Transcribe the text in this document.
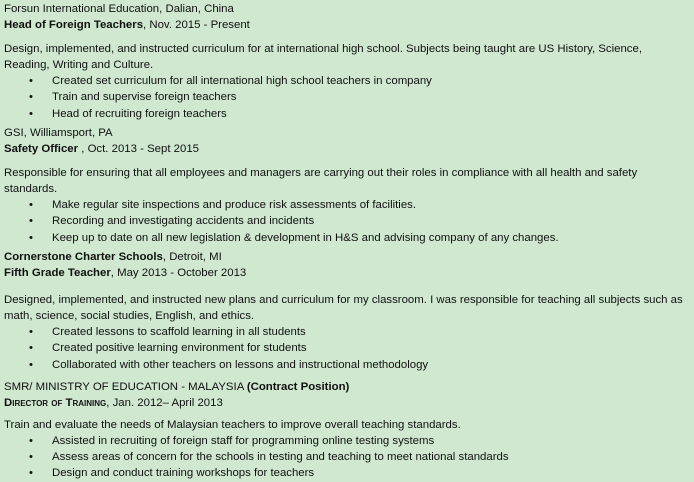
Forsun International Education, Dalian, China
Head of Foreign Teachers, Nov. 2015 - Present
Design, implemented, and instructed curriculum for at international high school. Subjects being taught are US History, Science, Reading, Writing and Culture.
• Created set curriculum for all international high school teachers in company
• Train and supervise foreign teachers
• Head of recruiting foreign teachers
GSI, Williamsport, PA
Safety Officer , Oct. 2013 - Sept 2015
Responsible for ensuring that all employees and managers are carrying out their roles in compliance with all health and safety standards.
• Make regular site inspections and produce risk assessments of facilities.
• Recording and investigating accidents and incidents
• Keep up to date on all new legislation & development in H&S and advising company of any changes.
Cornerstone Charter Schools, Detroit, MI
Fifth Grade Teacher, May 2013 - October 2013
Designed, implemented, and instructed new plans and curriculum for my classroom. I was responsible for teaching all subjects such as math, science, social studies, English, and ethics.
• Created lessons to scaffold learning in all students
• Created positive learning environment for students
• Collaborated with other teachers on lessons and instructional methodology
SMR/ MINISTRY OF EDUCATION - MALAYSIA (Contract Position)
Director of Training, Jan. 2012– April 2013
Train and evaluate the needs of Malaysian teachers to improve overall teaching standards.
• Assisted in recruiting of foreign staff for programming online testing systems
• Assess areas of concern for the schools in testing and teaching to meet national standards
• Design and conduct training workshops for teachers
